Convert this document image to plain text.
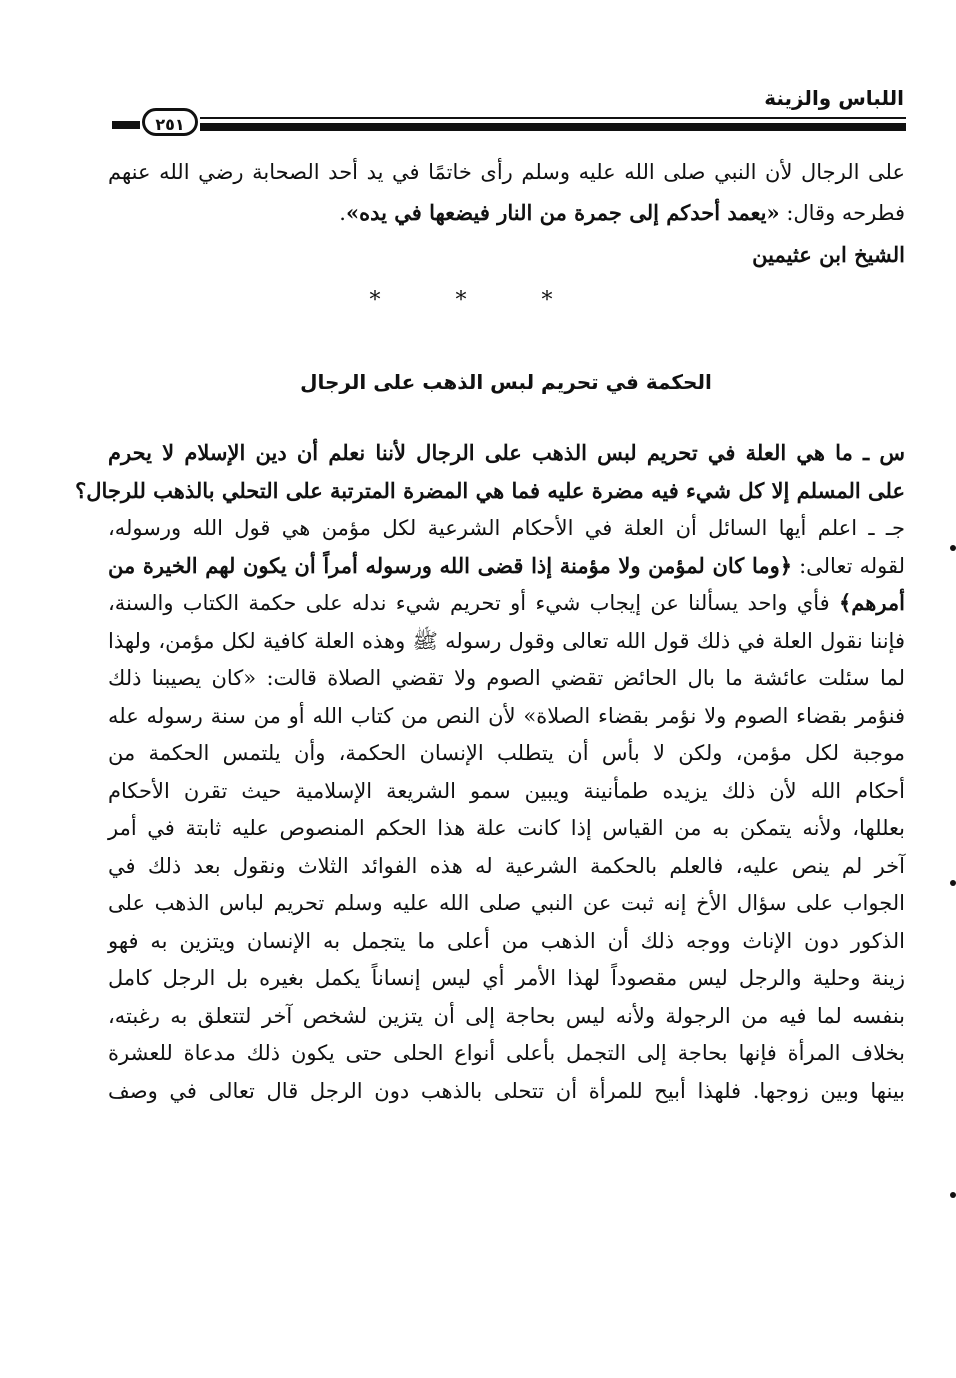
اللباس والزينة
٢٥١
على الرجال لأن النبي صلى الله عليه وسلم رأى خاتمًا في يد أحد الصحابة رضي الله عنهم
فطرحه وقال: «يعمد أحدكم إلى جمرة من النار فيضعها في يده».
الشيخ ابن عثيمين
* * *
الحكمة في تحريم لبس الذهب على الرجال
س ـ ما هي العلة في تحريم لبس الذهب على الرجال لأننا نعلم أن دين الإسلام لا يحرم
على المسلم إلا كل شيء فيه مضرة عليه فما هي المضرة المترتبة على التحلي بالذهب للرجال؟
جـ ـ اعلم أيها السائل أن العلة في الأحكام الشرعية لكل مؤمن هي قول الله ورسوله،
لقوله تعالى: ﴿وما كان لمؤمن ولا مؤمنة إذا قضى الله ورسوله أمراً أن يكون لهم الخيرة من
أمرهم﴾ فأي واحد يسألنا عن إيجاب شيء أو تحريم شيء ندله على حكمة الكتاب والسنة،
فإننا نقول العلة في ذلك قول الله تعالى وقول رسوله ﷺ وهذه العلة كافية لكل مؤمن، ولهذا
لما سئلت عائشة ما بال الحائض تقضي الصوم ولا تقضي الصلاة قالت: «كان يصيبنا ذلك
فنؤمر بقضاء الصوم ولا نؤمر بقضاء الصلاة» لأن النص من كتاب الله أو من سنة رسوله عله
موجبة لكل مؤمن، ولكن لا بأس أن يتطلب الإنسان الحكمة، وأن يلتمس الحكمة من
أحكام الله لأن ذلك يزيده طمأنينة ويبين سمو الشريعة الإسلامية حيث تقرن الأحكام
بعللها، ولأنه يتمكن به من القياس إذا كانت علة هذا الحكم المنصوص عليه ثابتة في أمر
آخر لم ينص عليه، فالعلم بالحكمة الشرعية له هذه الفوائد الثلاث ونقول بعد ذلك في
الجواب على سؤال الأخ إنه ثبت عن النبي صلى الله عليه وسلم تحريم لباس الذهب على
الذكور دون الإناث ووجه ذلك أن الذهب من أعلى ما يتجمل به الإنسان ويتزين به فهو
زينة وحلية والرجل ليس مقصوداً لهذا الأمر أي ليس إنساناً يكمل بغيره بل الرجل كامل
بنفسه لما فيه من الرجولة ولأنه ليس بحاجة إلى أن يتزين لشخص آخر لتتعلق به رغبته،
بخلاف المرأة فإنها بحاجة إلى التجمل بأعلى أنواع الحلى حتى يكون ذلك مدعاة للعشرة
بينها وبين زوجها. فلهذا أبيح للمرأة أن تتحلى بالذهب دون الرجل قال تعالى في وصف
